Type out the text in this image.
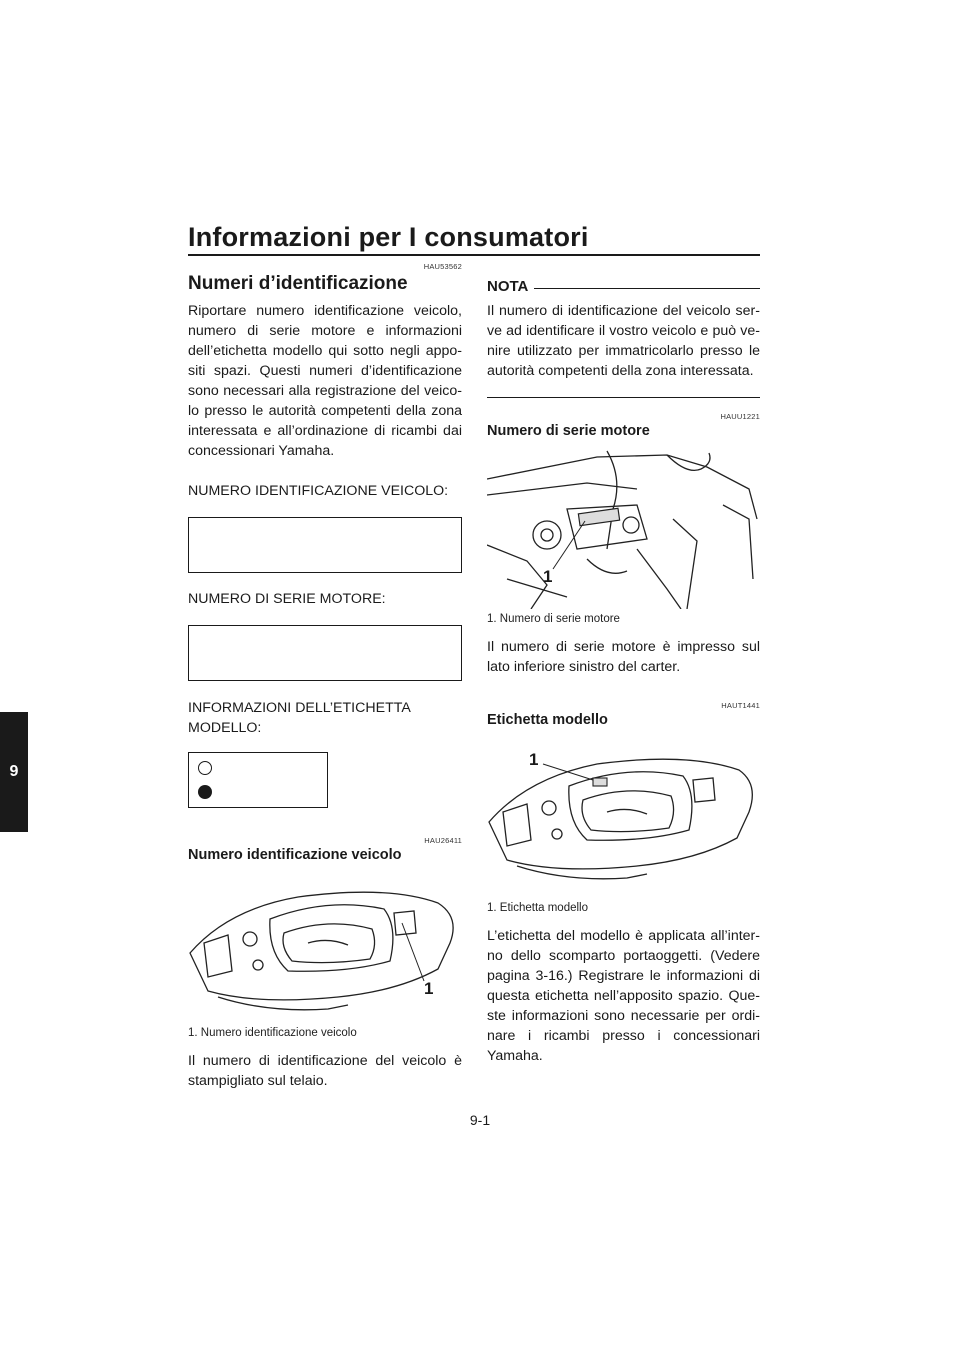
Informazioni per I consumatori
9
HAU53562
Numeri d’identificazione

Riportare numero identificazione veicolo, numero di serie motore e informazioni dell’etichetta modello qui sotto negli appo-siti spazi. Questi numeri d’identificazione sono necessari alla registrazione del veico-lo presso le autorità competenti della zona interessata e all’ordinazione di ricambi dai concessionari Yamaha.

NUMERO IDENTIFICAZIONE VEICOLO:

NUMERO DI SERIE MOTORE:

INFORMAZIONI DELL’ETICHETTA

MODELLO:

HAU26411
Numero identificazione veicolo
1
1. Numero identificazione veicolo

Il numero di identificazione del veicolo è stampigliato sul telaio.

NOTA

Il numero di identificazione del veicolo ser-ve ad identificare il vostro veicolo e può ve-nire utilizzato per immatricolarlo presso le autorità competenti della zona interessata.

HAUU1221
Numero di serie motore
1
1. Numero di serie motore

Il numero di serie motore è impresso sul lato inferiore sinistro del carter.

HAUT1441
Etichetta modello
1
1. Etichetta modello

L’etichetta del modello è applicata all’inter-no dello scomparto portaoggetti. (Vedere pagina 3-16.) Registrare le informazioni di questa etichetta nell’apposito spazio. Que-ste informazioni sono necessarie per ordi-nare i ricambi presso i concessionari Yamaha.

9-1
